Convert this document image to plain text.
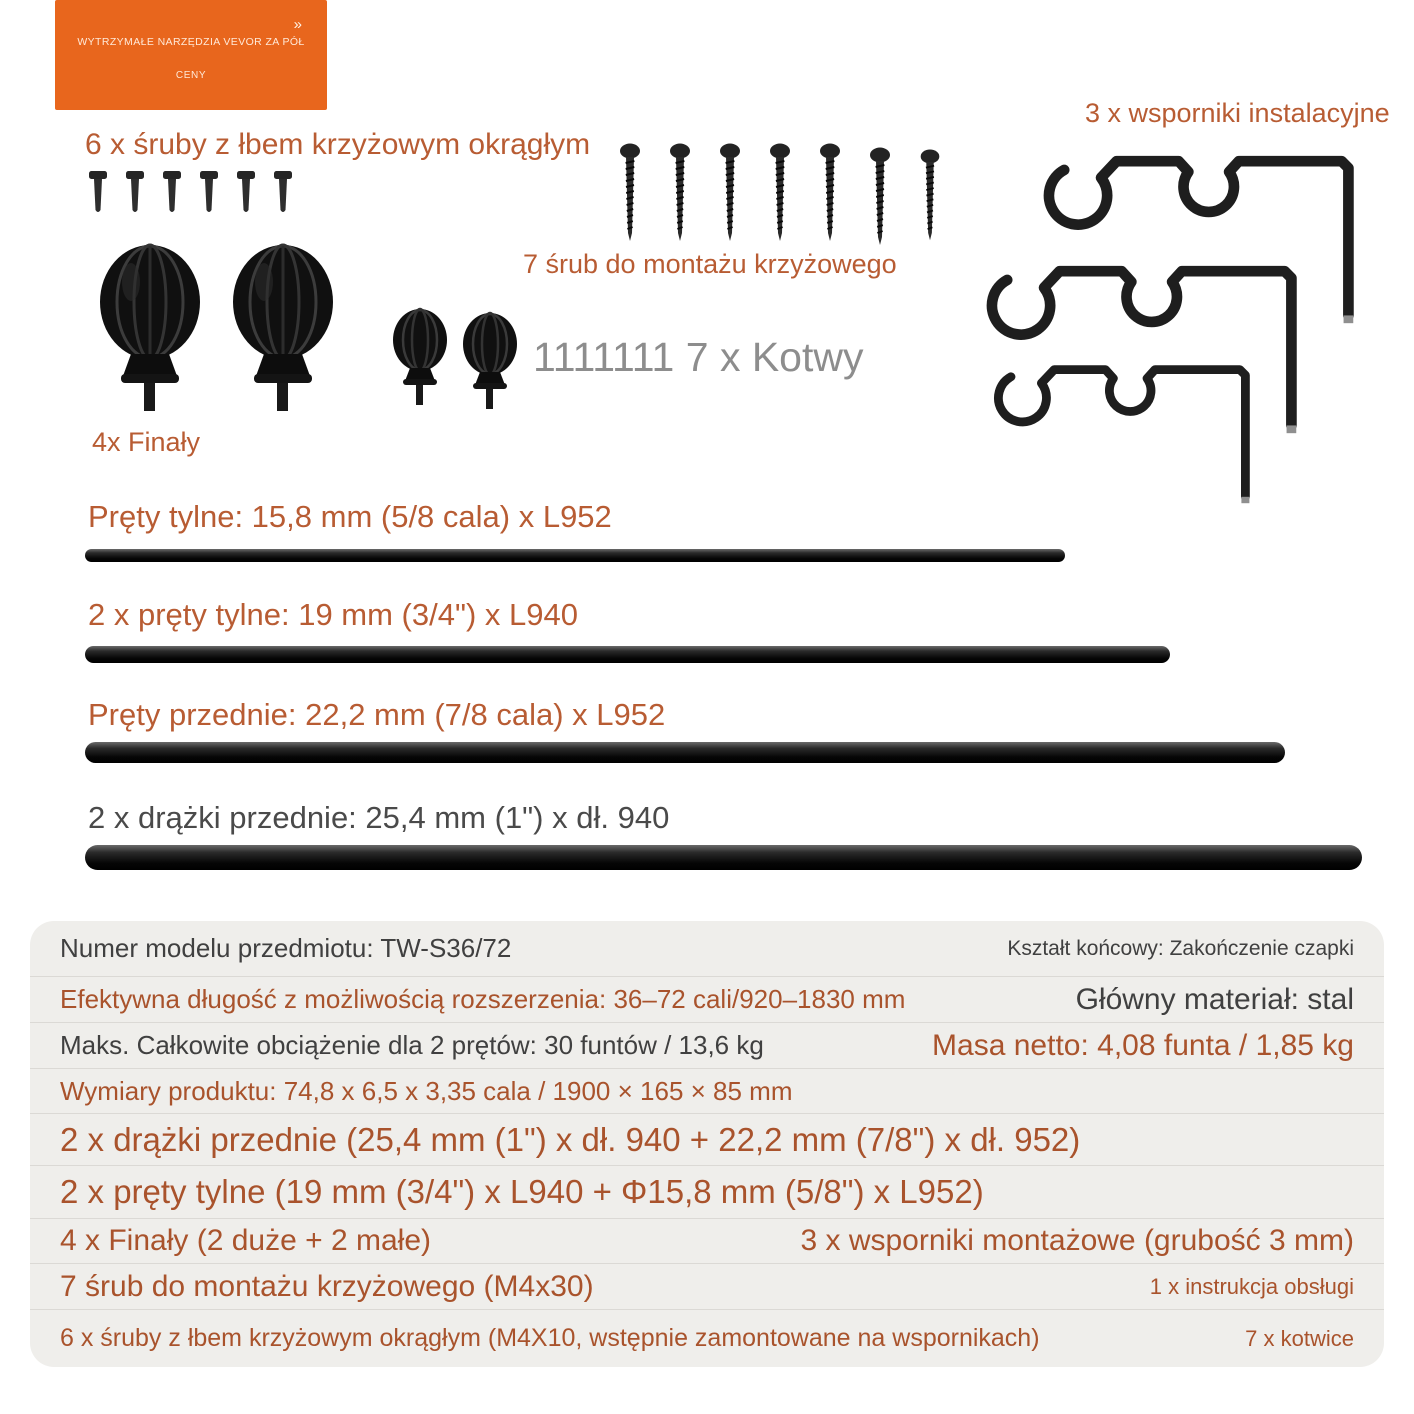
WYTRZYMAŁE NARZĘDZIA VEVOR ZA PÓŁ
CENY
»
6 x śruby z łbem krzyżowym okrągłym
7 śrub do montażu krzyżowego
3 x wsporniki instalacyjne
4x Finały
1111111 7 x Kotwy
Pręty tylne: 15,8 mm (5/8 cala) x L952
2 x pręty tylne: 19 mm (3/4") x L940
Pręty przednie: 22,2 mm (7/8 cala) x L952
2 x drążki przednie: 25,4 mm (1") x dł. 940
Numer modelu przedmiotu: TW-S36/72	Kształt końcowy: Zakończenie czapki
Efektywna długość z możliwością rozszerzenia: 36–72 cali/920–1830 mm	Główny materiał: stal
Maks. Całkowite obciążenie dla 2 prętów: 30 funtów / 13,6 kg	Masa netto: 4,08 funta / 1,85 kg
Wymiary produktu: 74,8 x 6,5 x 3,35 cala / 1900 × 165 × 85 mm
2 x drążki przednie (25,4 mm (1") x dł. 940 + 22,2 mm (7/8") x dł. 952)
2 x pręty tylne (19 mm (3/4") x L940 + Φ15,8 mm (5/8") x L952)
4 x Finały (2 duże + 2 małe)	3 x wsporniki montażowe (grubość 3 mm)
7 śrub do montażu krzyżowego (M4x30)	1 x instrukcja obsługi
6 x śruby z łbem krzyżowym okrągłym (M4X10, wstępnie zamontowane na wspornikach)	7 x kotwice
